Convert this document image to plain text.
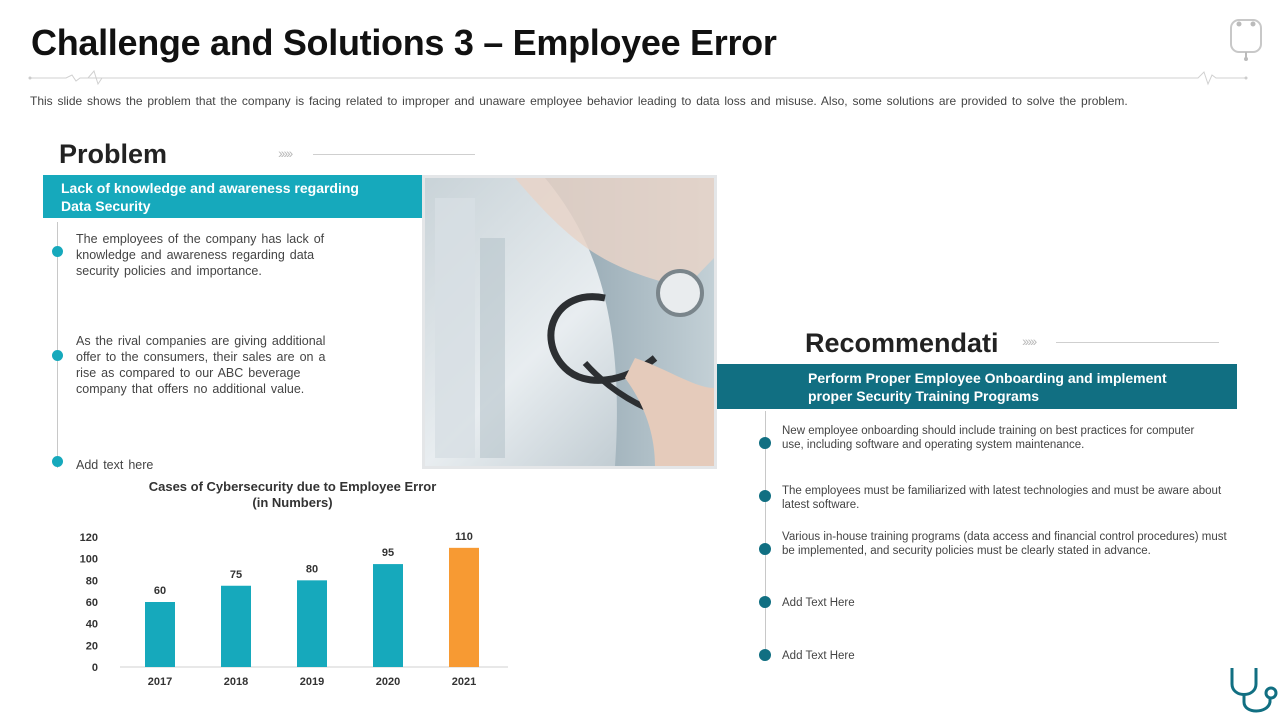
Challenge and Solutions 3 – Employee Error
This slide shows the problem that the company is facing related to improper and unaware employee behavior leading to data loss and misuse. Also, some solutions are provided to solve the problem.
Problem	›››››
Lack of knowledge and awareness regarding Data Security
The employees of the company has lack of knowledge and awareness regarding data security policies and importance.
As the rival companies are giving additional offer to the consumers, their sales are on a rise as compared to our ABC beverage company that offers no additional value.
Add text here
Cases of Cybersecurity due to Employee Error (in Numbers)
0
20
40
60
80
100
120
60
2017
75
2018
80
2019
95
2020
110
2021
Recommendati ›››››
Perform Proper Employee Onboarding and implement proper Security Training Programs
New employee onboarding should include training on best practices for computer use, including software and operating system maintenance.
The employees must be familiarized with latest technologies and must be aware about latest software.
Various in-house training programs (data access and financial control procedures) must be implemented, and security policies must be clearly stated in advance.
Add Text Here
Add Text Here
